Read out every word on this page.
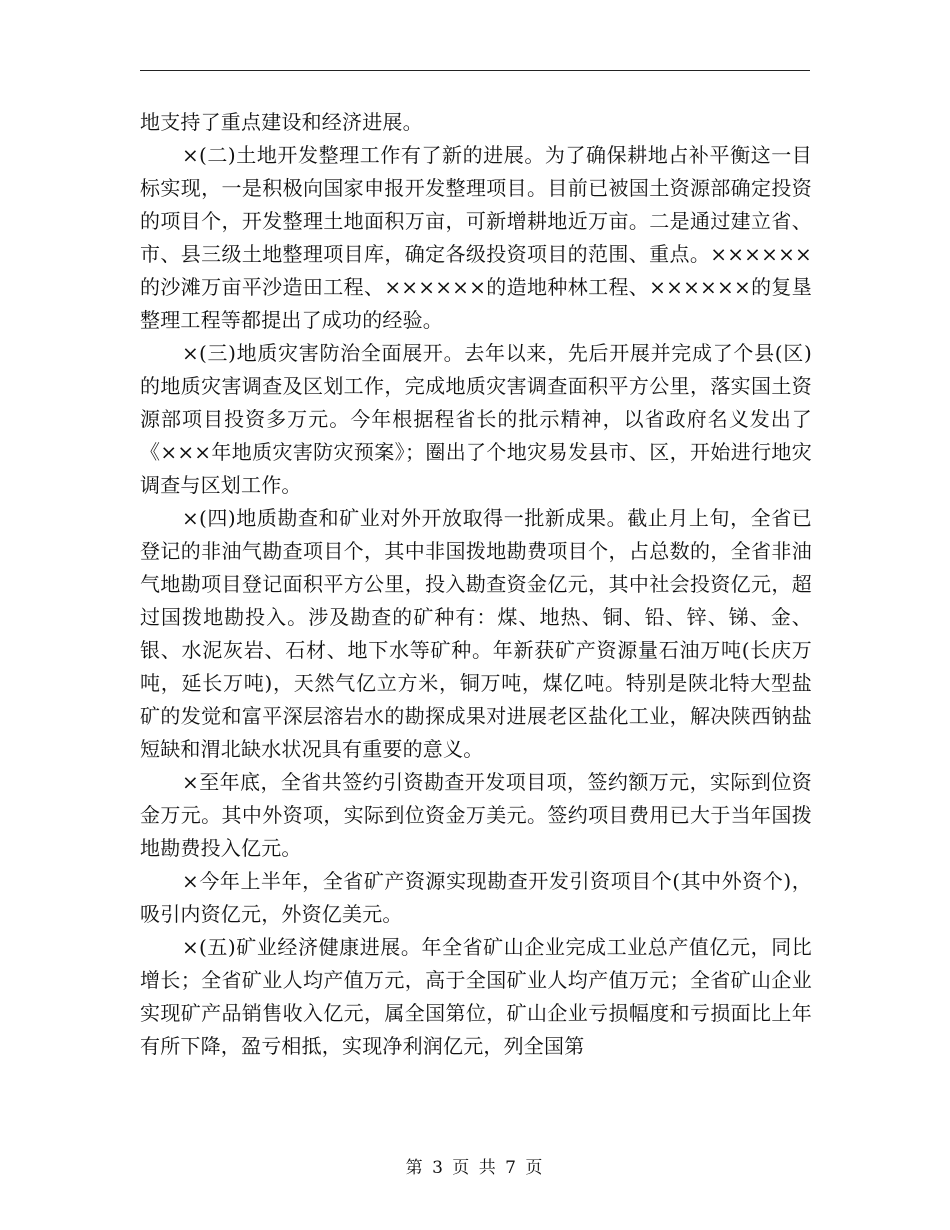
地支持了重点建设和经济进展。

×(二)土地开发整理工作有了新的进展。为了确保耕地占补平衡这一目标实现，一是积极向国家申报开发整理项目。目前已被国土资源部确定投资的项目个，开发整理土地面积万亩，可新增耕地近万亩。二是通过建立省、市、县三级土地整理项目库，确定各级投资项目的范围、重点。××××××的沙滩万亩平沙造田工程、××××××的造地种林工程、××××××的复垦整理工程等都提出了成功的经验。

×(三)地质灾害防治全面展开。去年以来，先后开展并完成了个县(区)的地质灾害调查及区划工作，完成地质灾害调查面积平方公里，落实国土资源部项目投资多万元。今年根据程省长的批示精神，以省政府名义发出了《×××年地质灾害防灾预案》；圈出了个地灾易发县市、区，开始进行地灾调查与区划工作。

×(四)地质勘查和矿业对外开放取得一批新成果。截止月上旬，全省已登记的非油气勘查项目个，其中非国拨地勘费项目个，占总数的，全省非油气地勘项目登记面积平方公里，投入勘查资金亿元，其中社会投资亿元，超过国拨地勘投入。涉及勘查的矿种有：煤、地热、铜、铅、锌、锑、金、银、水泥灰岩、石材、地下水等矿种。年新获矿产资源量石油万吨(长庆万吨，延长万吨)，天然气亿立方米，铜万吨，煤亿吨。特别是陕北特大型盐矿的发觉和富平深层溶岩水的勘探成果对进展老区盐化工业，解决陕西钠盐短缺和渭北缺水状况具有重要的意义。

×至年底，全省共签约引资勘查开发项目项，签约额万元，实际到位资金万元。其中外资项，实际到位资金万美元。签约项目费用已大于当年国拨地勘费投入亿元。

×今年上半年，全省矿产资源实现勘查开发引资项目个(其中外资个)，吸引内资亿元，外资亿美元。

×(五)矿业经济健康进展。年全省矿山企业完成工业总产值亿元，同比增长；全省矿业人均产值万元，高于全国矿业人均产值万元；全省矿山企业实现矿产品销售收入亿元，属全国第位，矿山企业亏损幅度和亏损面比上年有所下降，盈亏相抵，实现净利润亿元，列全国第

第 3 页 共 7 页
